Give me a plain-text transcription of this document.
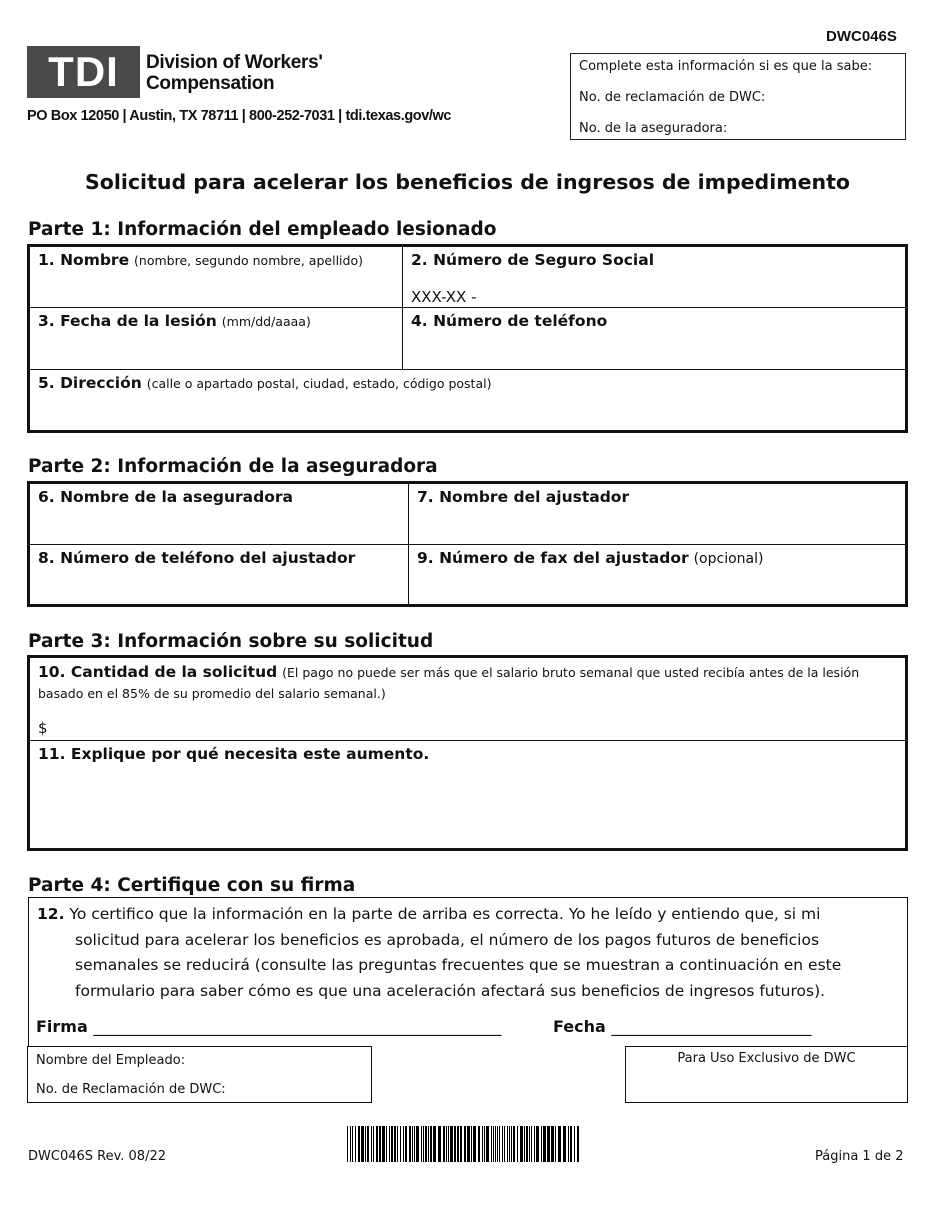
DWC046S
TDI	Division of Workers'
Compensation
PO Box 12050 | Austin, TX 78711 | 800-252-7031 | tdi.texas.gov/wc
Complete esta información si es que la sabe:
No. de reclamación de DWC:
No. de la aseguradora:
Solicitud para acelerar los beneficios de ingresos de impedimento
Parte 1: Información del empleado lesionado
1. Nombre (nombre, segundo nombre, apellido)	2. Número de Seguro Social
XXX-XX -

3. Fecha de la lesión (mm/dd/aaaa)	4. Número de teléfono
5. Dirección (calle o apartado postal, ciudad, estado, código postal)	
Parte 2: Información de la aseguradora
6. Nombre de la aseguradora	7. Nombre del ajustador
8. Número de teléfono del ajustador	9. Número de fax del ajustador (opcional)
Parte 3: Información sobre su solicitud
10. Cantidad de la solicitud (El pago no puede ser más que el salario bruto semanal que usted recibía antes de la lesión basado en el 85% de su promedio del salario semanal.)
$

11. Explique por qué necesita este aumento.
Parte 4: Certifique con su firma
12. Yo certifico que la información en la parte de arriba es correcta. Yo he leído y entiendo que, si mi
solicitud para acelerar los beneficios es aprobada, el número de los pagos futuros de beneficios
semanales se reducirá (consulte las preguntas frecuentes que se muestran a continuación en este
formulario para saber cómo es que una aceleración afectará sus beneficios de ingresos futuros).
Firma ___________________________________________________	Fecha _________________________
Nombre del Empleado:
No. de Reclamación de DWC:
Para Uso Exclusivo de DWC
DWC046S Rev. 08/22	Página 1 de 2
